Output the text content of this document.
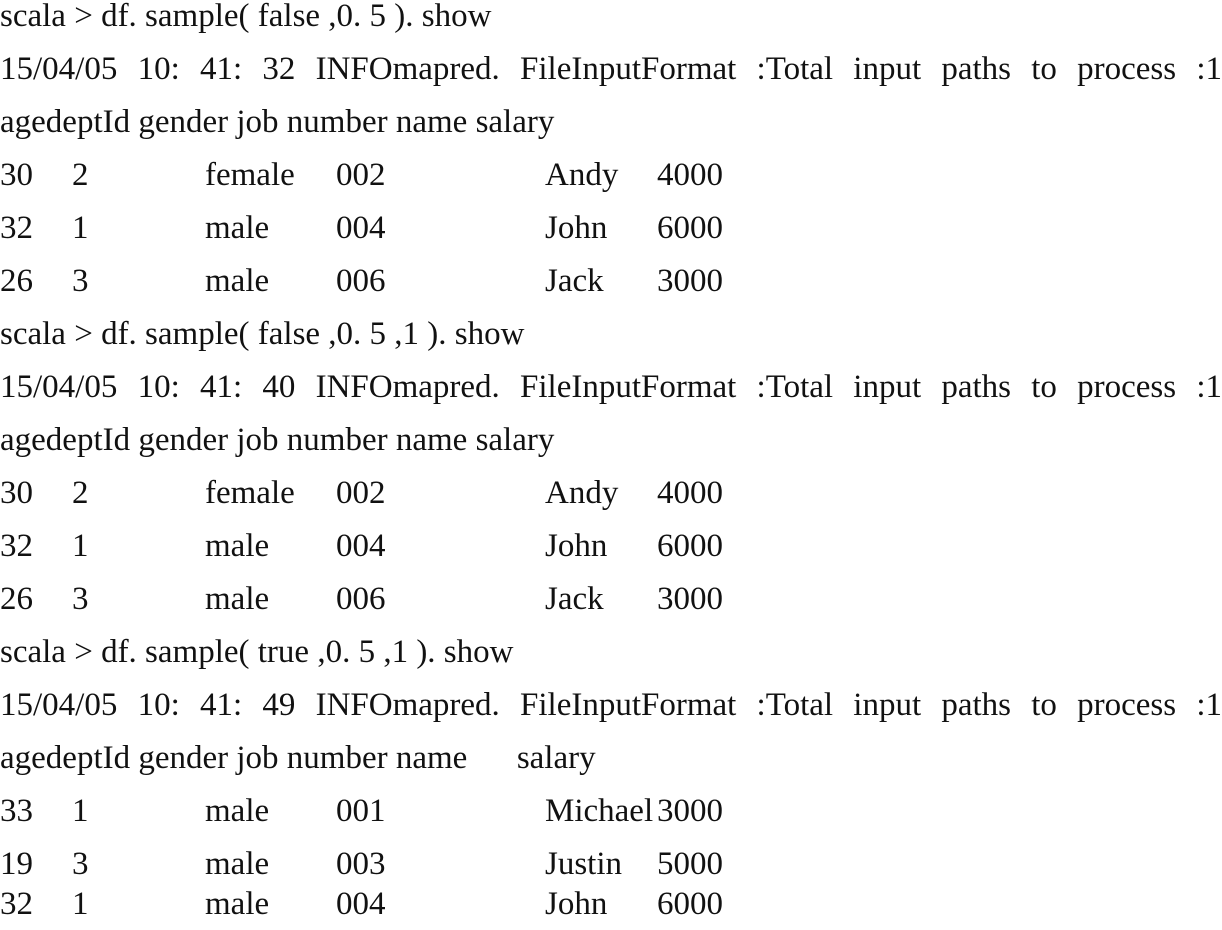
scala > df. sample( false ,0. 5 ). show
15/04/05 10: 41: 32 INFOmapred. FileInputFormat :Total input paths to process :1
agedeptId gender job number name salary
30 2	female 002	Andy 4000
32 1	male 004	John 6000
26 3	male 006	Jack 3000
scala > df. sample( false ,0. 5 ,1 ). show
15/04/05 10: 41: 40 INFOmapred. FileInputFormat :Total input paths to process :1
agedeptId gender job number name salary
30 2	female 002	Andy 4000
32 1	male 004	John 6000
26 3	male 006	Jack 3000
scala > df. sample( true ,0. 5 ,1 ). show
15/04/05 10: 41: 49 INFOmapred. FileInputFormat :Total input paths to process :1
agedeptId gender job number name      salary
33 1	male 001	Michael 3000
19 3	male 003	Justin 5000
32 1	male 004	John 6000
